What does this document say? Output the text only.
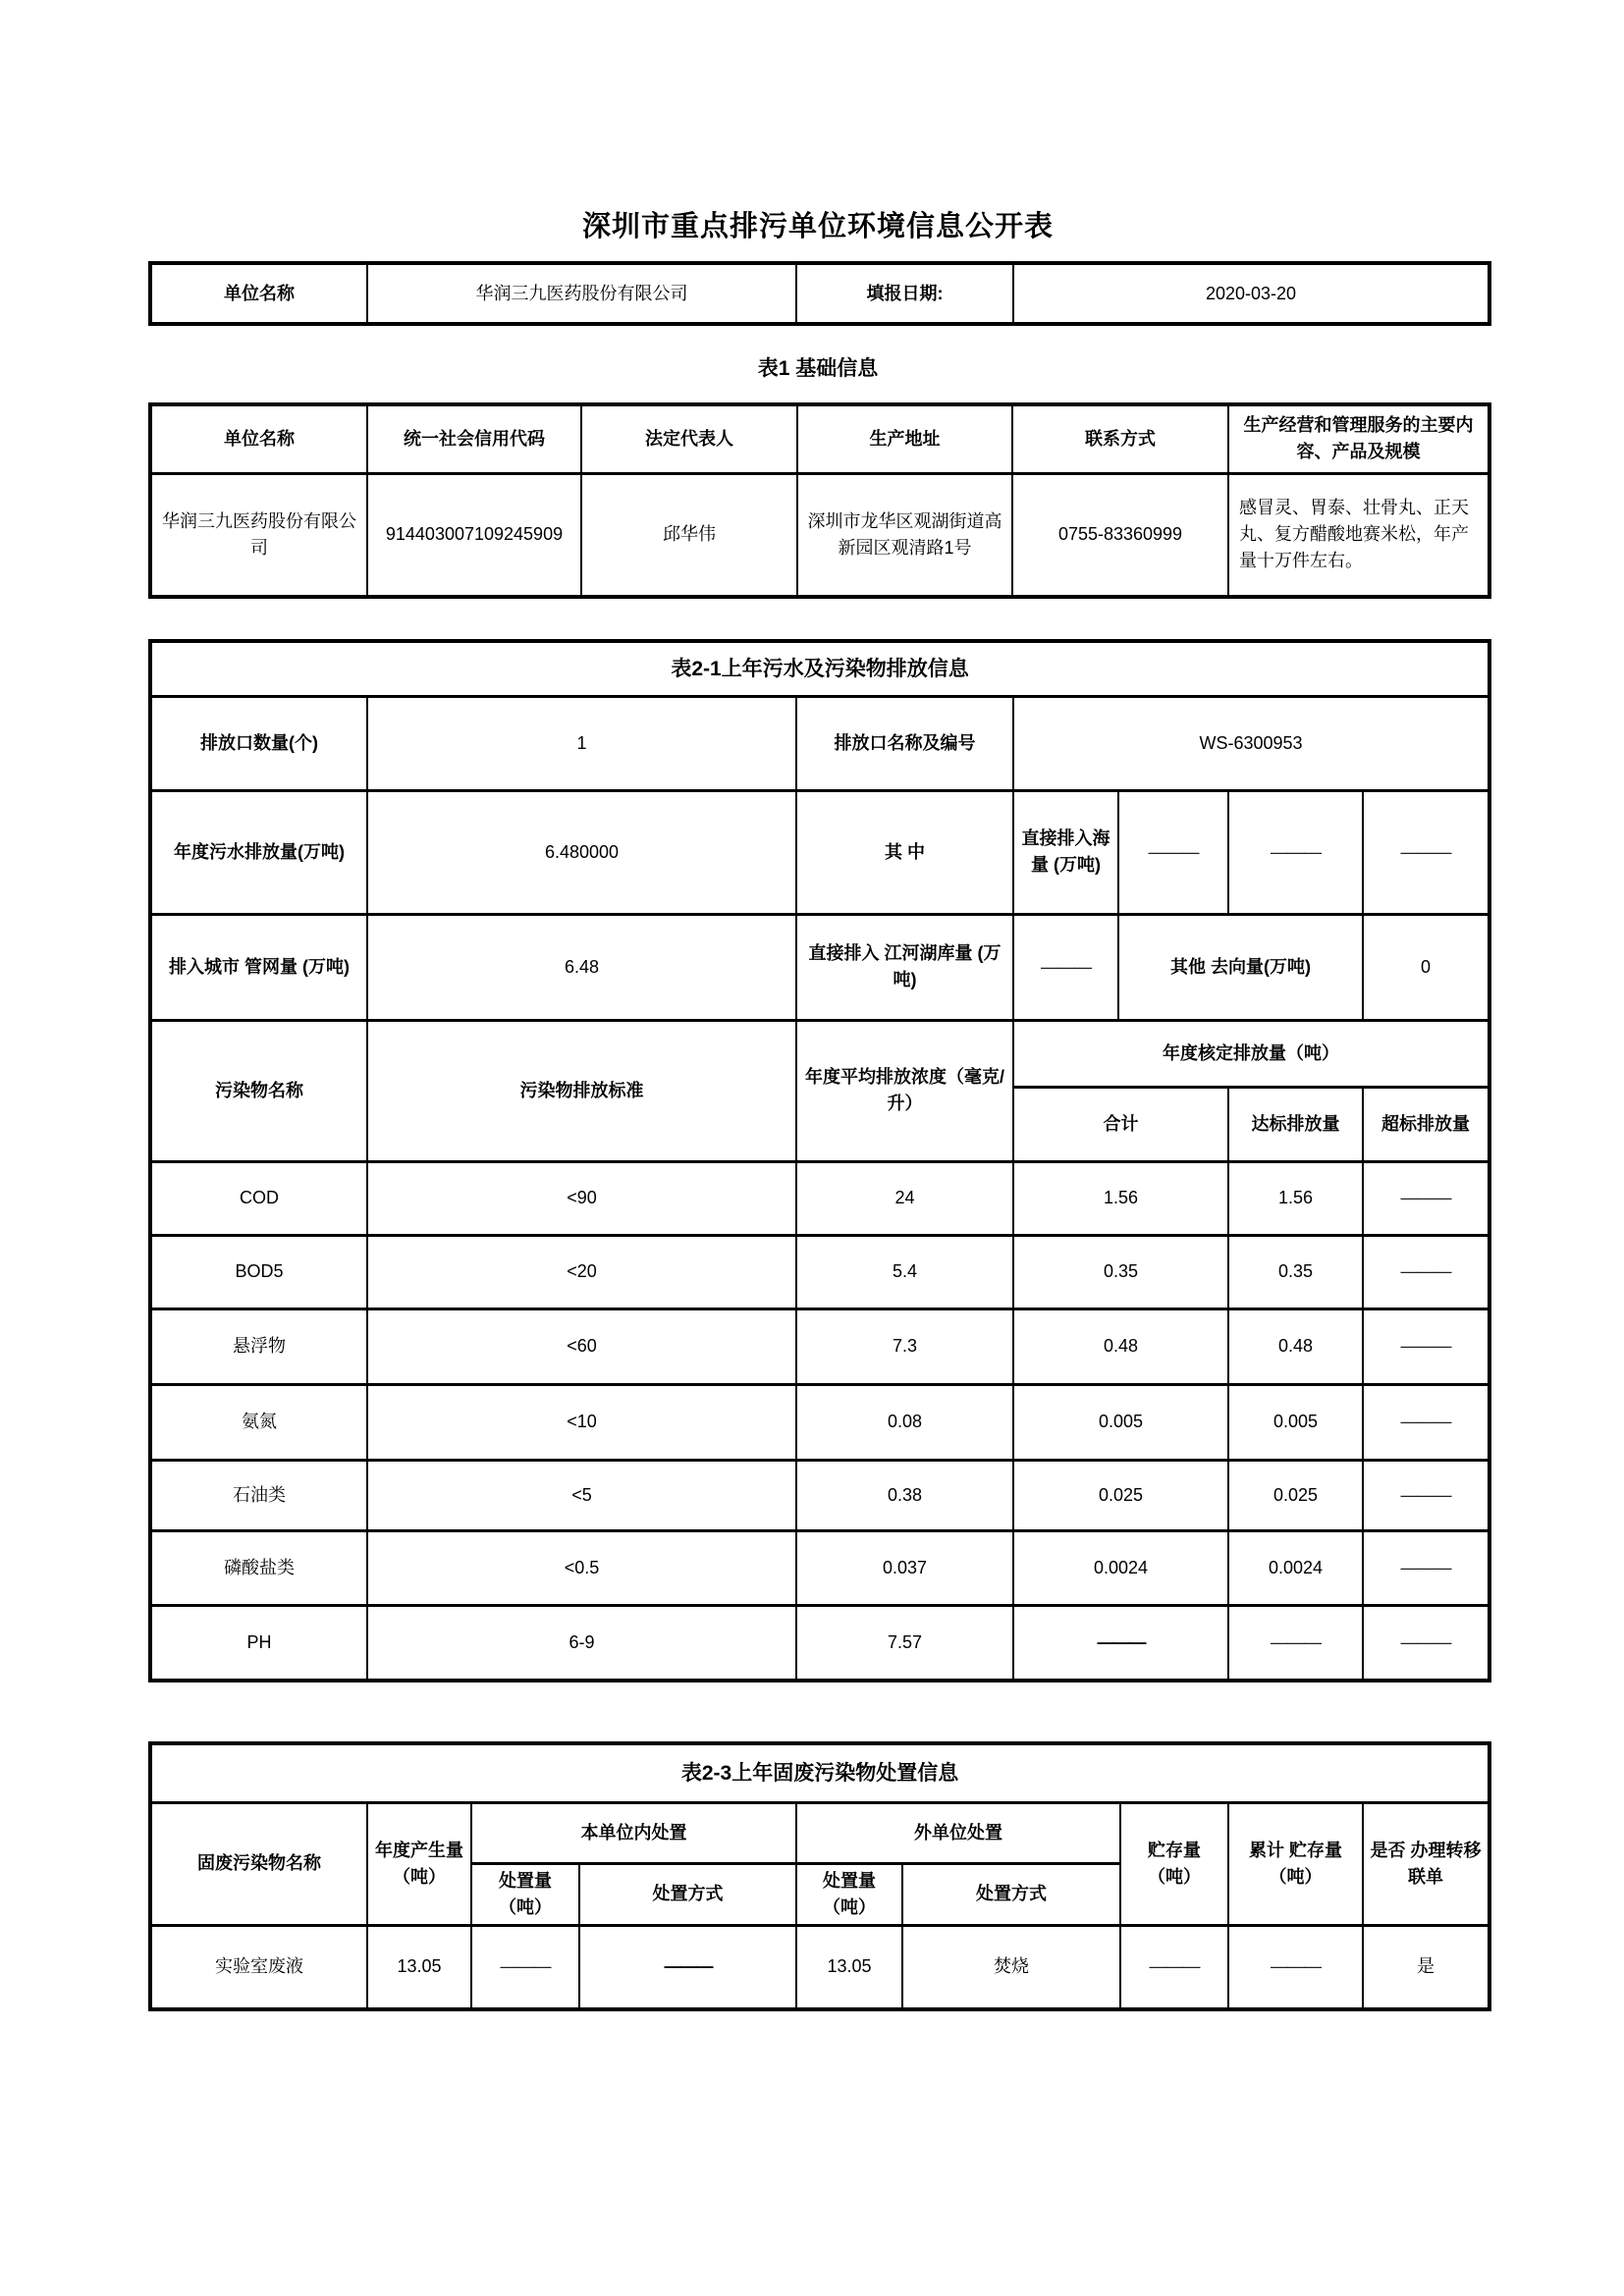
深圳市重点排污单位环境信息公开表
单位名称	华润三九医药股份有限公司	填报日期:	2020-03-20
表1 基础信息
单位名称	统一社会信用代码	法定代表人	生产地址	联系方式	生产经营和管理服务的主要内容、产品及规模
华润三九医药股份有限公司	914403007109245909	邱华伟	深圳市龙华区观湖街道高新园区观清路1号	0755-83360999	感冒灵、胃泰、壮骨丸、正天丸、复方醋酸地赛米松，年产量十万件左右。
表2-1上年污水及污染物排放信息						
排放口数量(个)	1	排放口名称及编号	WS-6300953			
年度污水排放量(万吨)	6.480000	其 中	直接排入海量 (万吨)	———	———	———
排入城市 管网量 (万吨)	6.48	直接排入 江河湖库量 (万吨)	———	其他 去向量(万吨)		0
污染物名称	污染物排放标准	年度平均排放浓度（毫克/升）	年度核定排放量（吨）			
			合计		达标排放量	超标排放量
COD	<90	24	1.56		1.56	———
BOD5	<20	5.4	0.35		0.35	———
悬浮物	<60	7.3	0.48		0.48	———
氨氮	<10	0.08	0.005		0.005	———
石油类	<5	0.38	0.025		0.025	———
磷酸盐类	<0.5	0.037	0.0024		0.0024	———
PH	6-9	7.57	———		———	———
表2-3上年固废污染物处置信息								
固废污染物名称	年度产生量（吨）	本单位内处置		外单位处置		贮存量（吨）	累计 贮存量（吨）	是否 办理转移联单
		处置量（吨）	处置方式	处置量（吨）	处置方式			
实验室废液	13.05	———	———	13.05	焚烧	———	———	是
